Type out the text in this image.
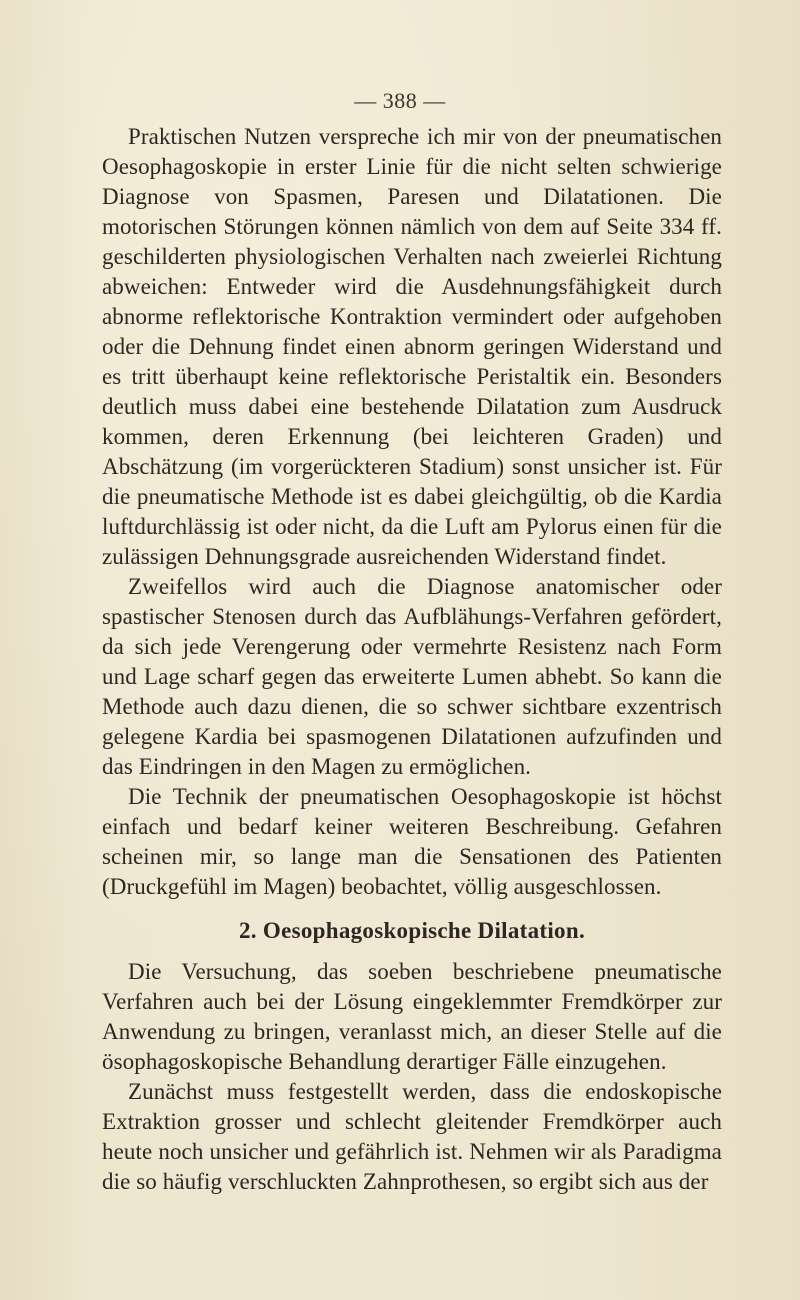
— 388 —

Praktischen Nutzen verspreche ich mir von der pneumatischen Oesophagoskopie in erster Linie für die nicht selten schwierige Diagnose von Spasmen, Paresen und Dilatationen. Die motorischen Störungen können nämlich von dem auf Seite 334 ff. geschilderten physiologischen Verhalten nach zweierlei Richtung abweichen: Entweder wird die Ausdehnungsfähigkeit durch abnorme reflektorische Kontraktion vermindert oder aufgehoben oder die Dehnung findet einen abnorm geringen Widerstand und es tritt überhaupt keine reflektorische Peristaltik ein. Besonders deutlich muss dabei eine bestehende Dilatation zum Ausdruck kommen, deren Erkennung (bei leichteren Graden) und Abschätzung (im vorgerückteren Stadium) sonst unsicher ist. Für die pneumatische Methode ist es dabei gleichgültig, ob die Kardia luftdurchlässig ist oder nicht, da die Luft am Pylorus einen für die zulässigen Dehnungsgrade ausreichenden Widerstand findet.

Zweifellos wird auch die Diagnose anatomischer oder spastischer Stenosen durch das Aufblähungs-Verfahren gefördert, da sich jede Verengerung oder vermehrte Resistenz nach Form und Lage scharf gegen das erweiterte Lumen abhebt. So kann die Methode auch dazu dienen, die so schwer sichtbare exzentrisch gelegene Kardia bei spasmogenen Dilatationen aufzufinden und das Eindringen in den Magen zu ermöglichen.

Die Technik der pneumatischen Oesophagoskopie ist höchst einfach und bedarf keiner weiteren Beschreibung. Gefahren scheinen mir, so lange man die Sensationen des Patienten (Druckgefühl im Magen) beobachtet, völlig ausgeschlossen.

2. Oesophagoskopische Dilatation.

Die Versuchung, das soeben beschriebene pneumatische Verfahren auch bei der Lösung eingeklemmter Fremdkörper zur Anwendung zu bringen, veranlasst mich, an dieser Stelle auf die ösophagoskopische Behandlung derartiger Fälle einzugehen.

Zunächst muss festgestellt werden, dass die endoskopische Extraktion grosser und schlecht gleitender Fremdkörper auch heute noch unsicher und gefährlich ist. Nehmen wir als Paradigma die so häufig verschluckten Zahnprothesen, so ergibt sich aus der
